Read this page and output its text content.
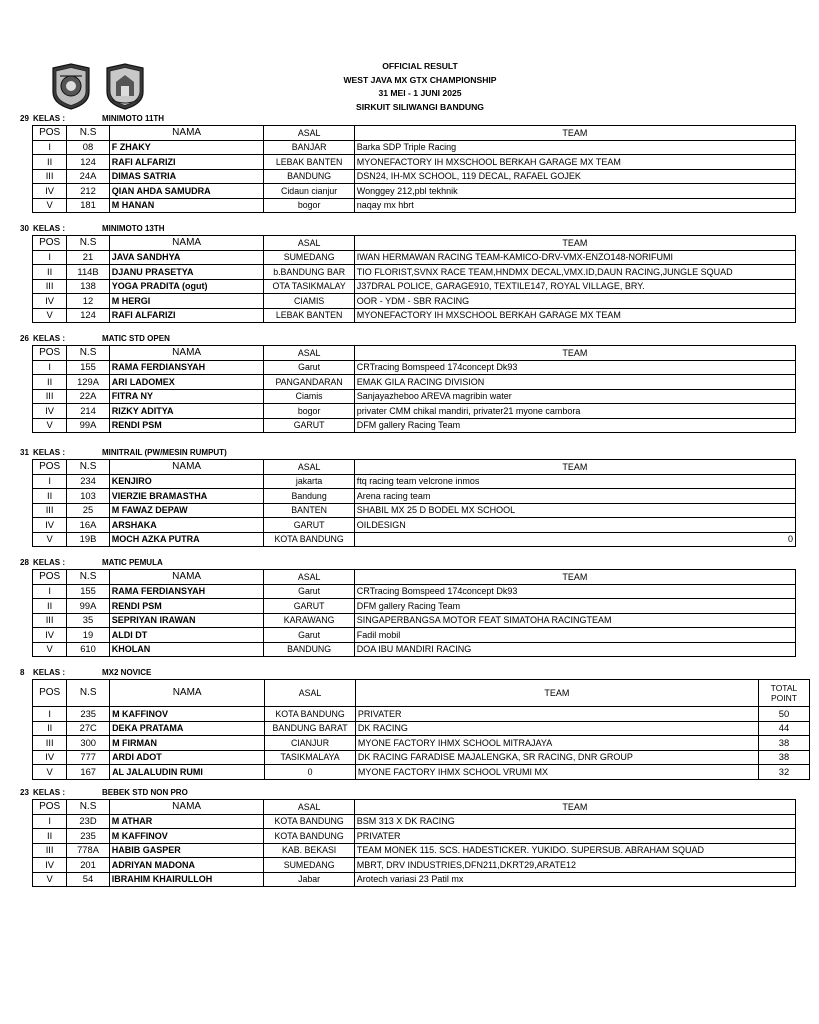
OFFICIAL RESULT
WEST JAVA MX GTX CHAMPIONSHIP
31 MEI - 1 JUNI 2025
SIRKUIT SILIWANGI BANDUNG
29 KELAS :	MINIMOTO 11TH
POS	N.S	NAMA	ASAL	TEAM
I	08	F ZHAKY	BANJAR	Barka SDP Triple Racing
II	124	RAFI ALFARIZI	LEBAK BANTEN	MYONEFACTORY IH MXSCHOOL BERKAH GARAGE MX TEAM
III	24A	DIMAS SATRIA	BANDUNG	DSN24, IH-MX SCHOOL, 119 DECAL, RAFAEL GOJEK
IV	212	QIAN AHDA SAMUDRA	Cidaun cianjur	Wonggey 212,pbl tekhnik
V	181	M HANAN	bogor	naqay mx hbrt
30 KELAS :	MINIMOTO 13TH
POS	N.S	NAMA	ASAL	TEAM
I	21	JAVA SANDHYA	SUMEDANG	IWAN HERMAWAN RACING TEAM-KAMICO-DRV-VMX-ENZO148-NORIFUMI
II	114B	DJANU PRASETYA	b.BANDUNG BAR	TIO FLORIST,SVNX RACE TEAM,HNDMX DECAL,VMX.ID,DAUN RACING,JUNGLE SQUAD
III	138	YOGA PRADITA (ogut)	OTA TASIKMALAY	J37DRAL POLICE, GARAGE910, TEXTILE147, ROYAL VILLAGE, BRY.
IV	12	M HERGI	CIAMIS	OOR - YDM - SBR RACING
V	124	RAFI ALFARIZI	LEBAK BANTEN	MYONEFACTORY IH MXSCHOOL BERKAH GARAGE MX TEAM
26 KELAS :	MATIC STD OPEN
POS	N.S	NAMA	ASAL	TEAM
I	155	RAMA FERDIANSYAH	Garut	CRTracing Bomspeed 174concept Dk93
II	129A	ARI LADOMEX	PANGANDARAN	EMAK GILA RACING DIVISION
III	22A	FITRA NY	Ciamis	Sanjayazheboo AREVA magribin water
IV	214	RIZKY ADITYA	bogor	privater CMM chikal mandiri, privater21 myone cambora
V	99A	RENDI PSM	GARUT	DFM gallery Racing Team
31 KELAS :	MINITRAIL (PW/MESIN RUMPUT)
POS	N.S	NAMA	ASAL	TEAM
I	234	KENJIRO	jakarta	ftq racing team velcrone inmos
II	103	VIERZIE BRAMASTHA	Bandung	Arena racing team
III	25	M FAWAZ DEPAW	BANTEN	SHABIL MX 25 D BODEL MX SCHOOL
IV	16A	ARSHAKA	GARUT	OILDESIGN
V	19B	MOCH AZKA PUTRA	KOTA BANDUNG	0
28 KELAS :	MATIC PEMULA
POS	N.S	NAMA	ASAL	TEAM
I	155	RAMA FERDIANSYAH	Garut	CRTracing Bomspeed 174concept Dk93
II	99A	RENDI PSM	GARUT	DFM gallery Racing Team
III	35	SEPRIYAN IRAWAN	KARAWANG	SINGAPERBANGSA MOTOR FEAT SIMATOHA RACINGTEAM
IV	19	ALDI DT	Garut	Fadil mobil
V	610	KHOLAN	BANDUNG	DOA IBU MANDIRI RACING
8 KELAS :	MX2 NOVICE
POS	N.S	NAMA	ASAL	TEAM	TOTAL POINT
I	235	M KAFFINOV	KOTA BANDUNG	PRIVATER	50
II	27C	DEKA PRATAMA	BANDUNG BARAT	DK RACING	44
III	300	M FIRMAN	CIANJUR	MYONE FACTORY IHMX SCHOOL MITRAJAYA	38
IV	777	ARDI ADOT	TASIKMALAYA	DK RACING FARADISE MAJALENGKA, SR RACING, DNR GROUP	38
V	167	AL JALALUDIN RUMI	0	MYONE FACTORY IHMX SCHOOL VRUMI MX	32
23 KELAS :	BEBEK STD NON PRO
POS	N.S	NAMA	ASAL	TEAM
I	23D	M ATHAR	KOTA BANDUNG	BSM 313 X DK RACING
II	235	M KAFFINOV	KOTA BANDUNG	PRIVATER
III	778A	HABIB GASPER	KAB. BEKASI	TEAM MONEK 115. SCS. HADESTICKER. YUKIDO. SUPERSUB. ABRAHAM SQUAD
IV	201	ADRIYAN MADONA	SUMEDANG	MBRT, DRV INDUSTRIES,DFN211,DKRT29,ARATE12
V	54	IBRAHIM KHAIRULLOH	Jabar	Arotech variasi 23 Patil mx
